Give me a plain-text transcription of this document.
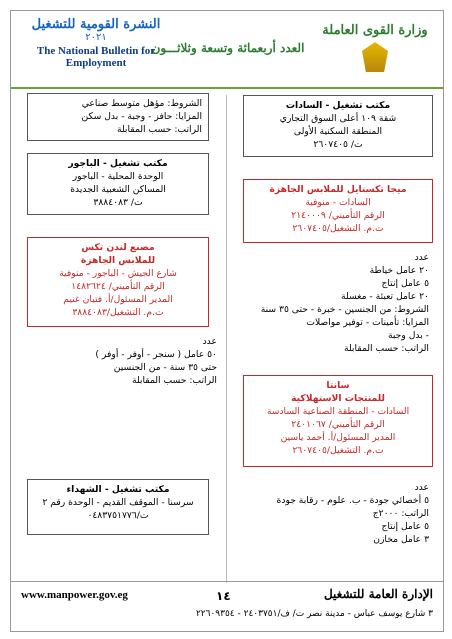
وزارة القوى العاملة
العدد أربعمائة وتسعة وثلاثـــون
النشرة القومية للتشغيل
٢٠٢١
The National Bulletin for Employment
مكتب تشغيل - السادات
شقة ١٠٩ أعلى السوق التجاري
المنطقة السكنية الأولى
ت/ ٢٦٠٧٤٠٥
ميجا تكستايل للملابس الجاهزة
السادات - منوفية
الرقم التأميني/ ٢١٤٠٠٠٩
ت.م. التشغيل/٢٦٠٧٤٠٥
عدد
٢٠ عامل خياطة
٥ عامل إنتاج
٢٠ عامل تعبئة - مغسلة
الشروط: من الجنسين - خبرة - حتى ٣٥ سنة
المزايا: تأمينات - توفير مواصلات
- بدل وجبة
الراتب: حسب المقابلة
سانتا
للمنتجات الاستهلاكية
السادات - المنطقة الصناعية السادسة
الرقم التأميني/ ٢٤٠١٠٦٧
المدير المسئول/أ. أحمد ياسين
ت.م. التشغيل/٢٦٠٧٤٠٥
عدد
٥ أخصائي جودة - ب. علوم - رقابة جودة
الراتب: ٢٠٠٠ج
٥ عامل إنتاج
٣ عامل مخازن
الشروط: مؤهل متوسط صناعي
المزايا: حافز - وجبة - بدل سكن
الراتب: حسب المقابلة
مكتب تشغيل - الباجور
الوحدة المحلية - الباجور
المساكن الشعبية الجديدة
ت/ ٣٨٨٤٠٨٣
مصنع لندن تكس
للملابس الجاهزة
شارع الجيش - الباجور - منوفية
الرقم التأميني/ ١٤٨٢٦٢٤
المدير المسئول/أ. فتيان غنيم
ت.م. التشغيل/٣٨٨٤٠٨٣
عدد
٥٠ عامل ( سنجر - أوفر - أوفر )
حتى ٣٥ سنة - من الجنسين
الراتب: حسب المقابلة
مكتب تشغيل - الشهداء
سرسنا - الموقف القديم - الوحدة رقم ٢
ت/٠٤٨٣٧٥١٧٧٦
الإدارة العامة للتشغيل
٣ شارع يوسف عباس - مدينة نصر ت/ ف/٢٤٠٣٧٥١ - ٢٢٦٠٩٣٥٤
١٤
www.manpower.gov.eg
